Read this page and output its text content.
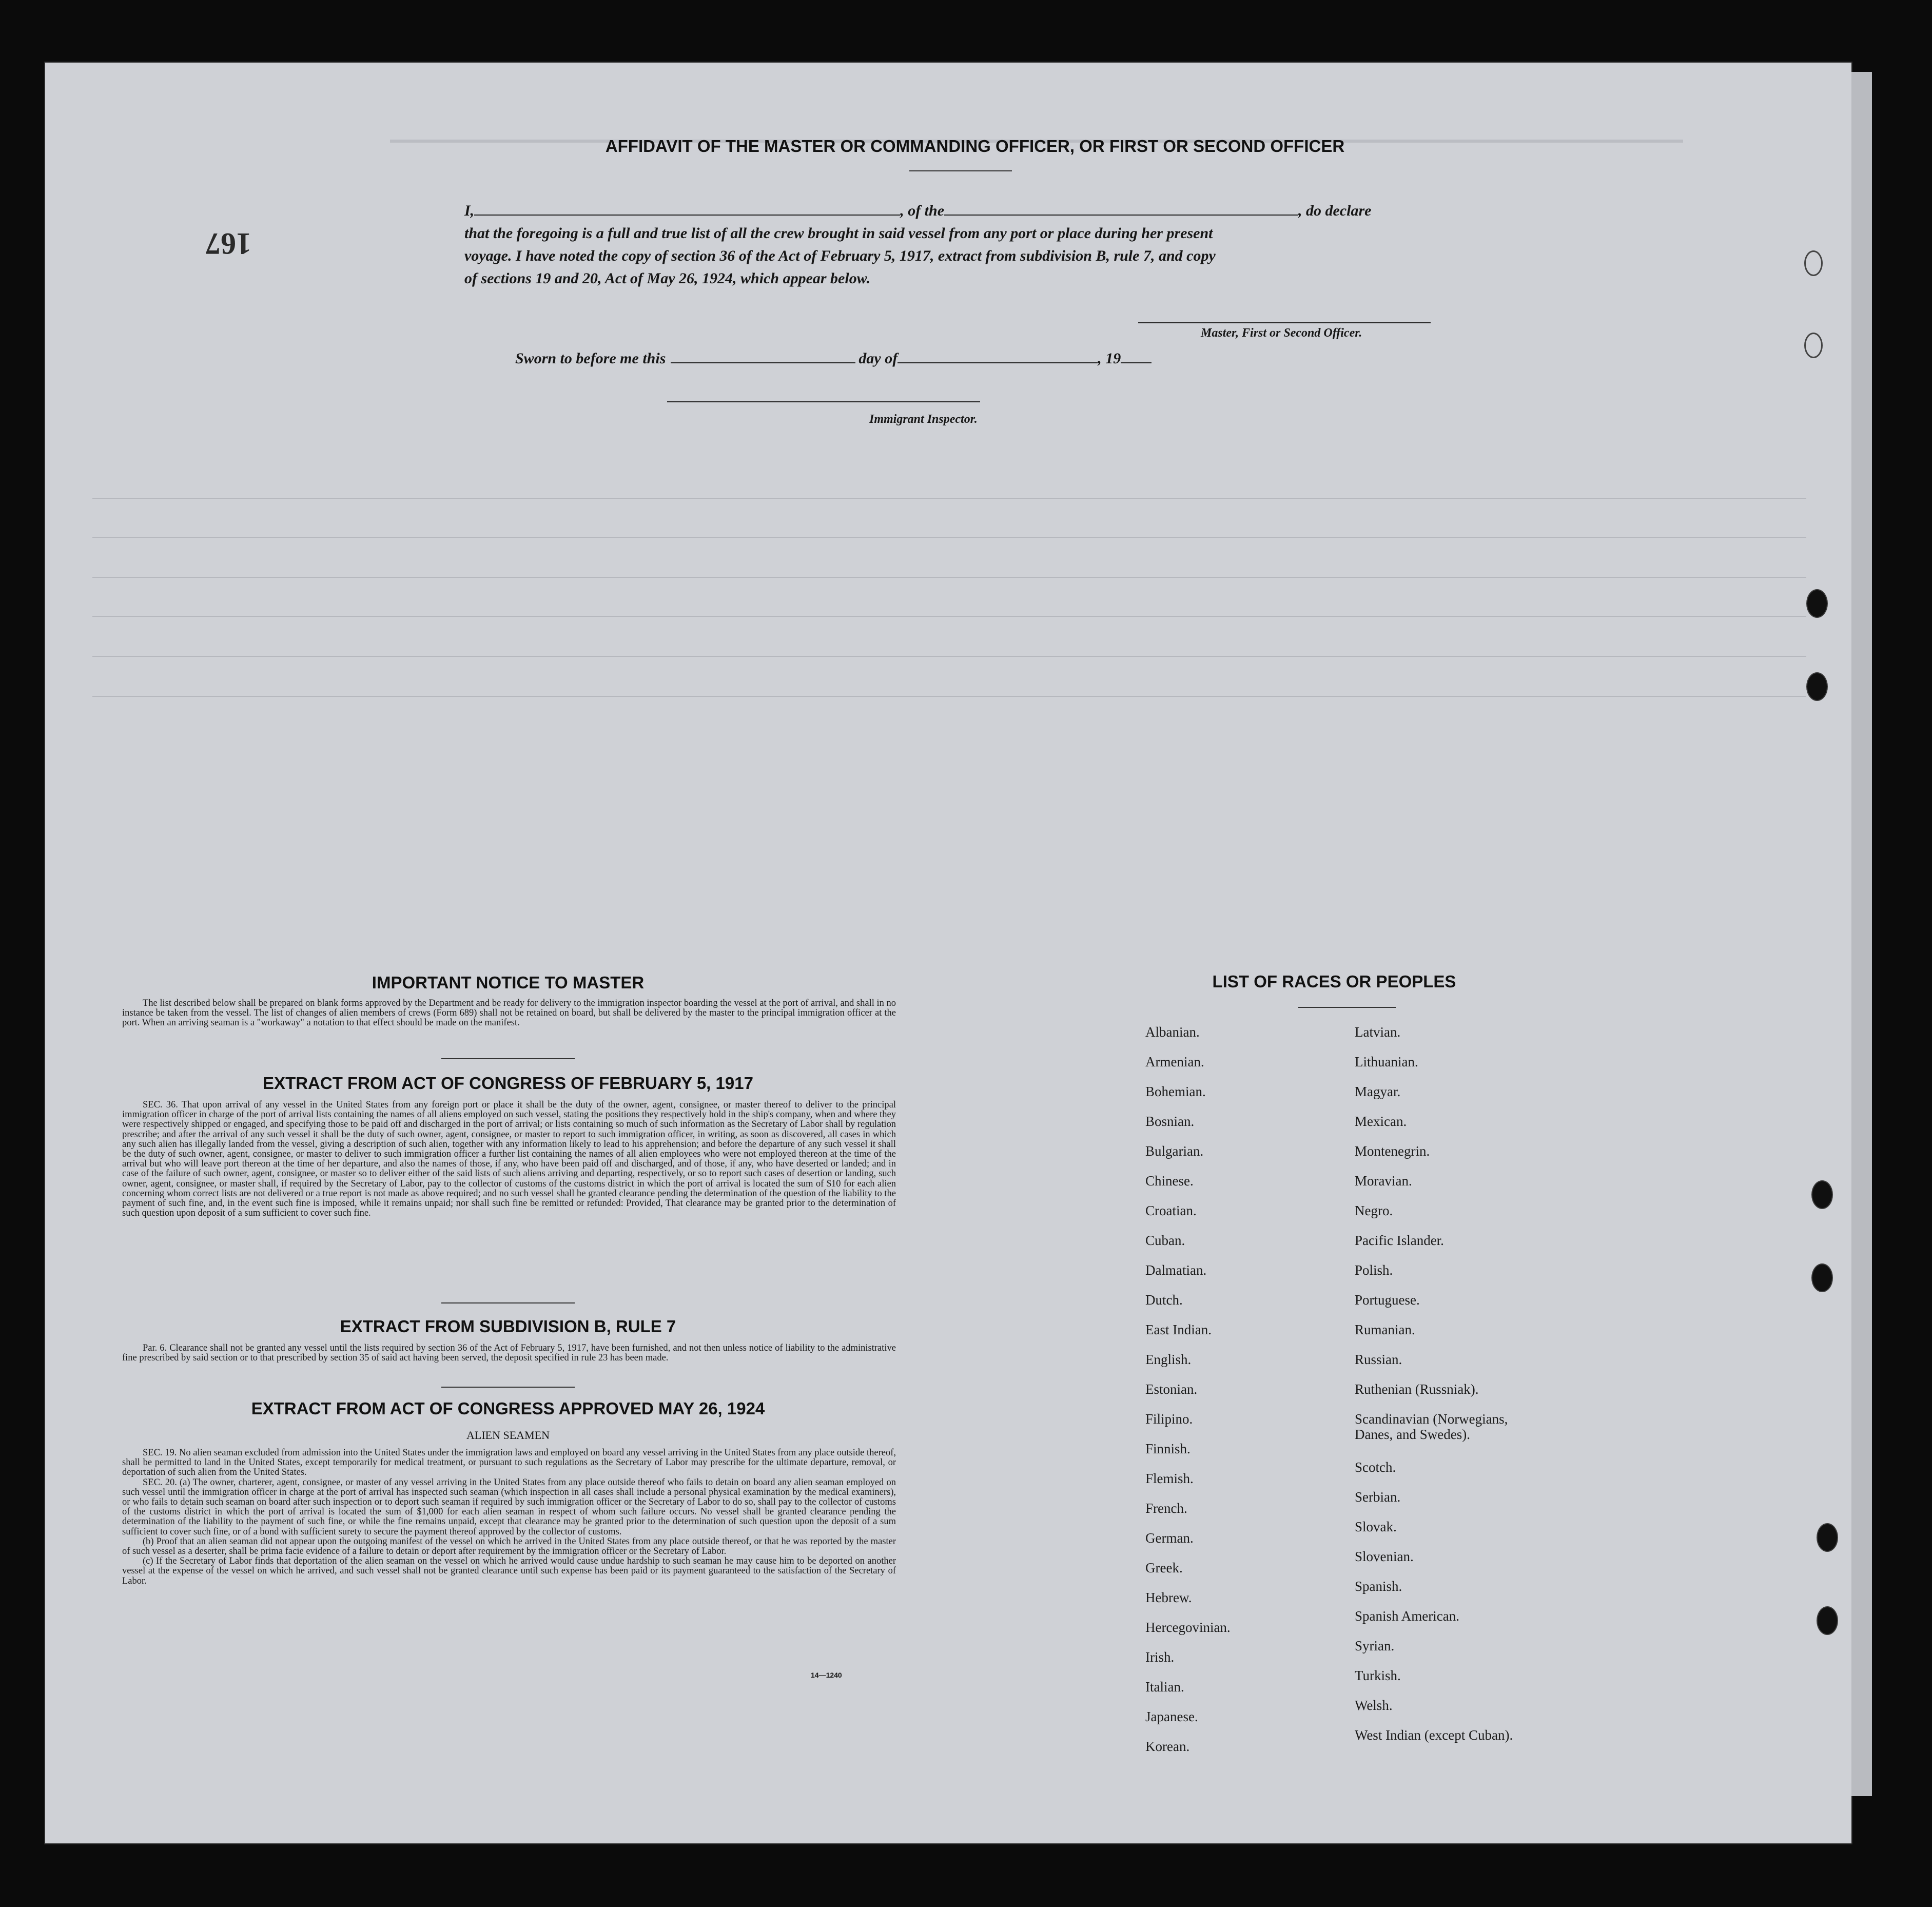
167
AFFIDAVIT OF THE MASTER OR COMMANDING OFFICER, OR FIRST OR SECOND OFFICER
I,	, of the	, do declare
that the foregoing is a full and true list of all the crew brought in said vessel from any port or place during her present
voyage. I have noted the copy of section 36 of the Act of February 5, 1917, extract from subdivision B, rule 7, and copy
of sections 19 and 20, Act of May 26, 1924, which appear below.
Master, First or Second Officer.
Sworn to before me this	day of	, 19
Immigrant Inspector.
IMPORTANT NOTICE TO MASTER

The list described below shall be prepared on blank forms approved by the Department and be ready for delivery to the immigration inspector boarding the vessel at the port of arrival, and shall in no instance be taken from the vessel. The list of changes of alien members of crews (Form 689) shall not be retained on board, but shall be delivered by the master to the principal immigration officer at the port. When an arriving seaman is a "workaway" a notation to that effect should be made on the manifest.

EXTRACT FROM ACT OF CONGRESS OF FEBRUARY 5, 1917

SEC. 36. That upon arrival of any vessel in the United States from any foreign port or place it shall be the duty of the owner, agent, consignee, or master thereof to deliver to the principal immigration officer in charge of the port of arrival lists containing the names of all aliens employed on such vessel, stating the positions they respectively hold in the ship's company, when and where they were respectively shipped or engaged, and specifying those to be paid off and discharged in the port of arrival; or lists containing so much of such information as the Secretary of Labor shall by regulation prescribe; and after the arrival of any such vessel it shall be the duty of such owner, agent, consignee, or master to report to such immigration officer, in writing, as soon as discovered, all cases in which any such alien has illegally landed from the vessel, giving a description of such alien, together with any information likely to lead to his apprehension; and before the departure of any such vessel it shall be the duty of such owner, agent, consignee, or master to deliver to such immigration officer a further list containing the names of all alien employees who were not employed thereon at the time of the arrival but who will leave port thereon at the time of her departure, and also the names of those, if any, who have been paid off and discharged, and of those, if any, who have deserted or landed; and in case of the failure of such owner, agent, consignee, or master so to deliver either of the said lists of such aliens arriving and departing, respectively, or so to report such cases of desertion or landing, such owner, agent, consignee, or master shall, if required by the Secretary of Labor, pay to the collector of customs of the customs district in which the port of arrival is located the sum of $10 for each alien concerning whom correct lists are not delivered or a true report is not made as above required; and no such vessel shall be granted clearance pending the determination of the question of the liability to the payment of such fine, and, in the event such fine is imposed, while it remains unpaid; nor shall such fine be remitted or refunded: Provided, That clearance may be granted prior to the determination of such question upon deposit of a sum sufficient to cover such fine.

EXTRACT FROM SUBDIVISION B, RULE 7

Par. 6. Clearance shall not be granted any vessel until the lists required by section 36 of the Act of February 5, 1917, have been furnished, and not then unless notice of liability to the administrative fine prescribed by said section or to that prescribed by section 35 of said act having been served, the deposit specified in rule 23 has been made.

EXTRACT FROM ACT OF CONGRESS APPROVED MAY 26, 1924
ALIEN SEAMEN

SEC. 19. No alien seaman excluded from admission into the United States under the immigration laws and employed on board any vessel arriving in the United States from any place outside thereof, shall be permitted to land in the United States, except temporarily for medical treatment, or pursuant to such regulations as the Secretary of Labor may prescribe for the ultimate departure, removal, or deportation of such alien from the United States.

SEC. 20. (a) The owner, charterer, agent, consignee, or master of any vessel arriving in the United States from any place outside thereof who fails to detain on board any alien seaman employed on such vessel until the immigration officer in charge at the port of arrival has inspected such seaman (which inspection in all cases shall include a personal physical examination by the medical examiners), or who fails to detain such seaman on board after such inspection or to deport such seaman if required by such immigration officer or the Secretary of Labor to do so, shall pay to the collector of customs of the customs district in which the port of arrival is located the sum of $1,000 for each alien seaman in respect of whom such failure occurs. No vessel shall be granted clearance pending the determination of the liability to the payment of such fine, or while the fine remains unpaid, except that clearance may be granted prior to the determination of such question upon the deposit of a sum sufficient to cover such fine, or of a bond with sufficient surety to secure the payment thereof approved by the collector of customs.

(b) Proof that an alien seaman did not appear upon the outgoing manifest of the vessel on which he arrived in the United States from any place outside thereof, or that he was reported by the master of such vessel as a deserter, shall be prima facie evidence of a failure to detain or deport after requirement by the immigration officer or the Secretary of Labor.

(c) If the Secretary of Labor finds that deportation of the alien seaman on the vessel on which he arrived would cause undue hardship to such seaman he may cause him to be deported on another vessel at the expense of the vessel on which he arrived, and such vessel shall not be granted clearance until such expense has been paid or its payment guaranteed to the satisfaction of the Secretary of Labor.

14—1240
LIST OF RACES OR PEOPLES
Albanian.
Armenian.
Bohemian.
Bosnian.
Bulgarian.
Chinese.
Croatian.
Cuban.
Dalmatian.
Dutch.
East Indian.
English.
Estonian.
Filipino.
Finnish.
Flemish.
French.
German.
Greek.
Hebrew.
Hercegovinian.
Irish.
Italian.
Japanese.
Korean.
Latvian.
Lithuanian.
Magyar.
Mexican.
Montenegrin.
Moravian.
Negro.
Pacific Islander.
Polish.
Portuguese.
Rumanian.
Russian.
Ruthenian (Russniak).
Scandinavian (Norwegians,
Danes, and Swedes).
Scotch.
Serbian.
Slovak.
Slovenian.
Spanish.
Spanish American.
Syrian.
Turkish.
Welsh.
West Indian (except Cuban).
